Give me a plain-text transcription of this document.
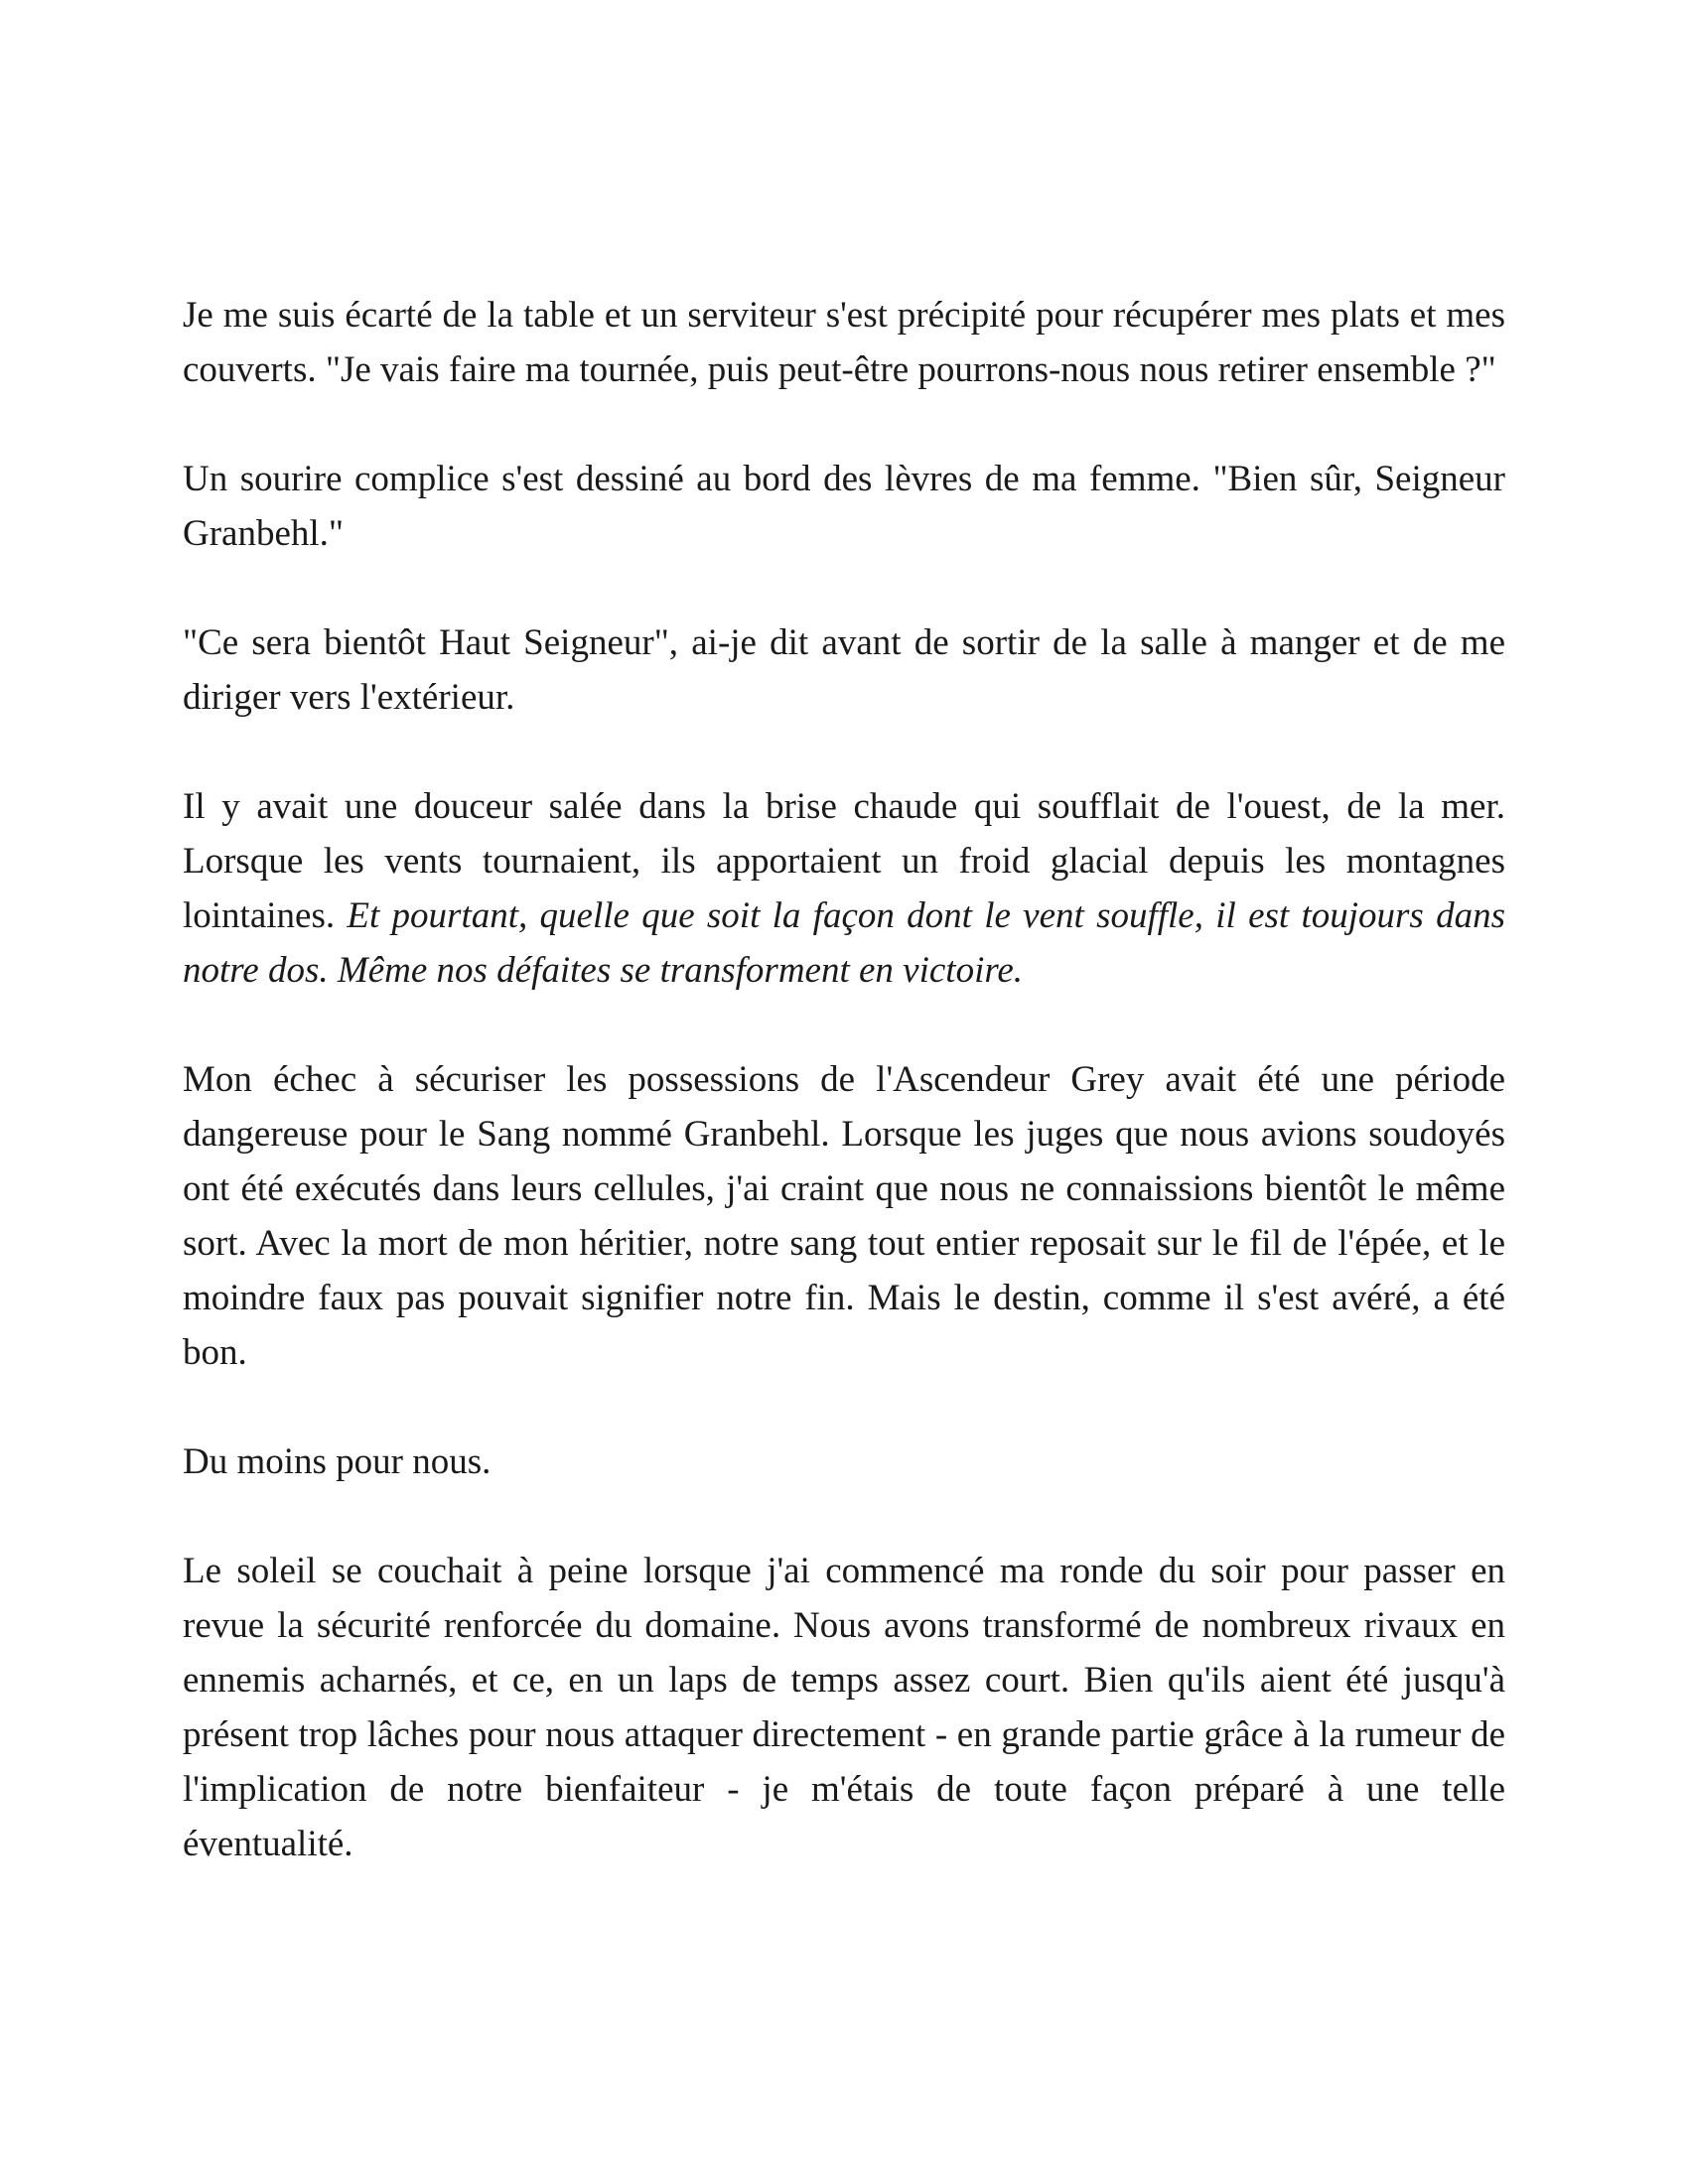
Je me suis écarté de la table et un serviteur s'est précipité pour récupérer mes plats et mes couverts. "Je vais faire ma tournée, puis peut-être pourrons-nous nous retirer ensemble ?"

Un sourire complice s'est dessiné au bord des lèvres de ma femme. "Bien sûr, Seigneur Granbehl."

"Ce sera bientôt Haut Seigneur", ai-je dit avant de sortir de la salle à manger et de me diriger vers l'extérieur.

Il y avait une douceur salée dans la brise chaude qui soufflait de l'ouest, de la mer. Lorsque les vents tournaient, ils apportaient un froid glacial depuis les montagnes lointaines. Et pourtant, quelle que soit la façon dont le vent souffle, il est toujours dans notre dos. Même nos défaites se transforment en victoire.

Mon échec à sécuriser les possessions de l'Ascendeur Grey avait été une période dangereuse pour le Sang nommé Granbehl. Lorsque les juges que nous avions soudoyés ont été exécutés dans leurs cellules, j'ai craint que nous ne connaissions bientôt le même sort. Avec la mort de mon héritier, notre sang tout entier reposait sur le fil de l'épée, et le moindre faux pas pouvait signifier notre fin. Mais le destin, comme il s'est avéré, a été bon.

Du moins pour nous.

Le soleil se couchait à peine lorsque j'ai commencé ma ronde du soir pour passer en revue la sécurité renforcée du domaine. Nous avons transformé de nombreux rivaux en ennemis acharnés, et ce, en un laps de temps assez court. Bien qu'ils aient été jusqu'à présent trop lâches pour nous attaquer directement - en grande partie grâce à la rumeur de l'implication de notre bienfaiteur - je m'étais de toute façon préparé à une telle éventualité.
